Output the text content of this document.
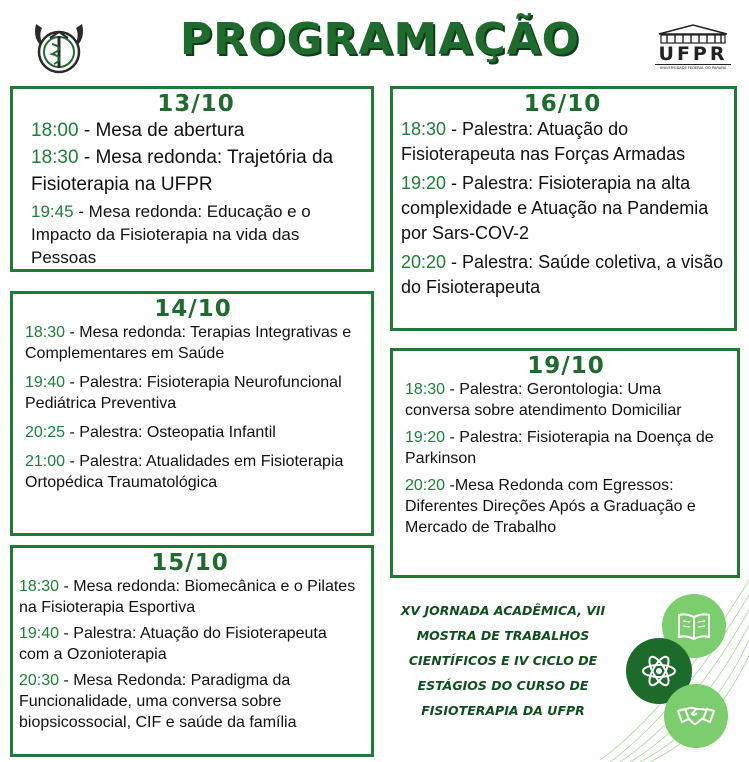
PROGRAMAÇÃO	UFPR
UNIVERSIDADE FEDERAL DO PARANÁ
13/10
18:00 - Mesa de abertura
18:30 - Mesa redonda: Trajetória da Fisioterapia na UFPR
19:45 - Mesa redonda: Educação e o Impacto da Fisioterapia na vida das Pessoas
14/10
18:30 - Mesa redonda: Terapias Integrativas e Complementares em Saúde
19:40 - Palestra: Fisioterapia Neurofuncional Pediátrica Preventiva
20:25 - Palestra: Osteopatia Infantil
21:00 - Palestra: Atualidades em Fisioterapia Ortopédica Traumatológica
15/10
18:30 - Mesa redonda: Biomecânica e o Pilates na Fisioterapia Esportiva
19:40 - Palestra: Atuação do Fisioterapeuta com a Ozonioterapia
20:30 - Mesa Redonda: Paradigma da Funcionalidade, uma conversa sobre biopsicossocial, CIF e saúde da família
16/10
18:30 - Palestra: Atuação do Fisioterapeuta nas Forças Armadas
19:20 - Palestra: Fisioterapia na alta complexidade e Atuação na Pandemia por Sars-COV-2
20:20 - Palestra: Saúde coletiva, a visão do Fisioterapeuta
19/10
18:30 - Palestra: Gerontologia: Uma conversa sobre atendimento Domiciliar
19:20 - Palestra: Fisioterapia na Doença de Parkinson
20:20 -Mesa Redonda com Egressos: Diferentes Direções Após a Graduação e Mercado de Trabalho
XV JORNADA ACADÊMICA, VII MOSTRA DE TRABALHOS CIENTÍFICOS E IV CICLO DE ESTÁGIOS DO CURSO DE FISIOTERAPIA DA UFPR
